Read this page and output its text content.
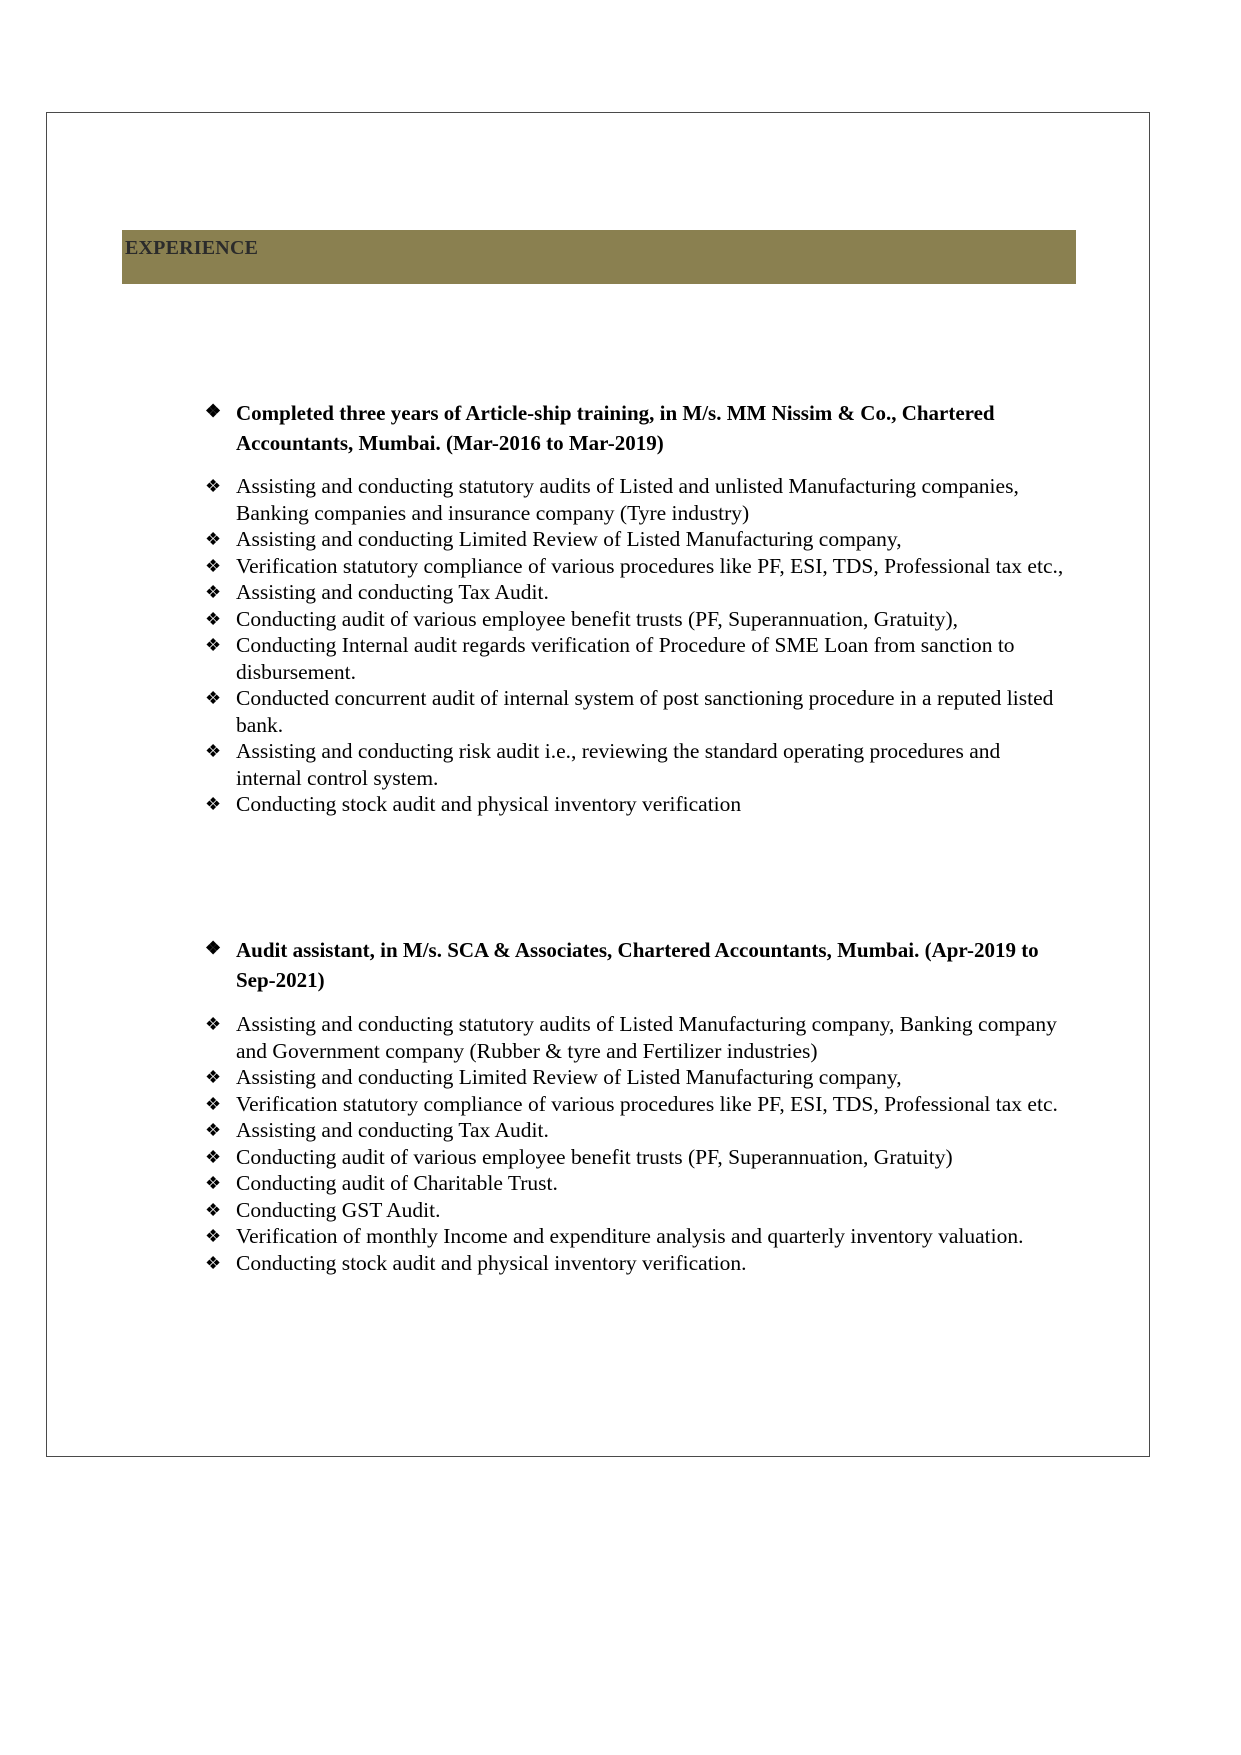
EXPERIENCE
❖ Completed three years of Article-ship training, in M/s. MM Nissim & Co., Chartered Accountants, Mumbai. (Mar-2016 to Mar-2019)
❖ Assisting and conducting statutory audits of Listed and unlisted Manufacturing companies, Banking companies and insurance company (Tyre industry)
❖ Assisting and conducting Limited Review of Listed Manufacturing company,
❖ Verification statutory compliance of various procedures like PF, ESI, TDS, Professional tax etc.,
❖ Assisting and conducting Tax Audit.
❖ Conducting audit of various employee benefit trusts (PF, Superannuation, Gratuity),
❖ Conducting Internal audit regards verification of Procedure of SME Loan from sanction to disbursement.
❖ Conducted concurrent audit of internal system of post sanctioning procedure in a reputed listed bank.
❖ Assisting and conducting risk audit i.e., reviewing the standard operating procedures and internal control system.
❖ Conducting stock audit and physical inventory verification
❖ Audit assistant, in M/s. SCA & Associates, Chartered Accountants, Mumbai. (Apr-2019 to Sep-2021)
❖ Assisting and conducting statutory audits of Listed Manufacturing company, Banking company and Government company (Rubber & tyre and Fertilizer industries)
❖ Assisting and conducting Limited Review of Listed Manufacturing company,
❖ Verification statutory compliance of various procedures like PF, ESI, TDS, Professional tax etc.
❖ Assisting and conducting Tax Audit.
❖ Conducting audit of various employee benefit trusts (PF, Superannuation, Gratuity)
❖ Conducting audit of Charitable Trust.
❖ Conducting GST Audit.
❖ Verification of monthly Income and expenditure analysis and quarterly inventory valuation.
❖ Conducting stock audit and physical inventory verification.
